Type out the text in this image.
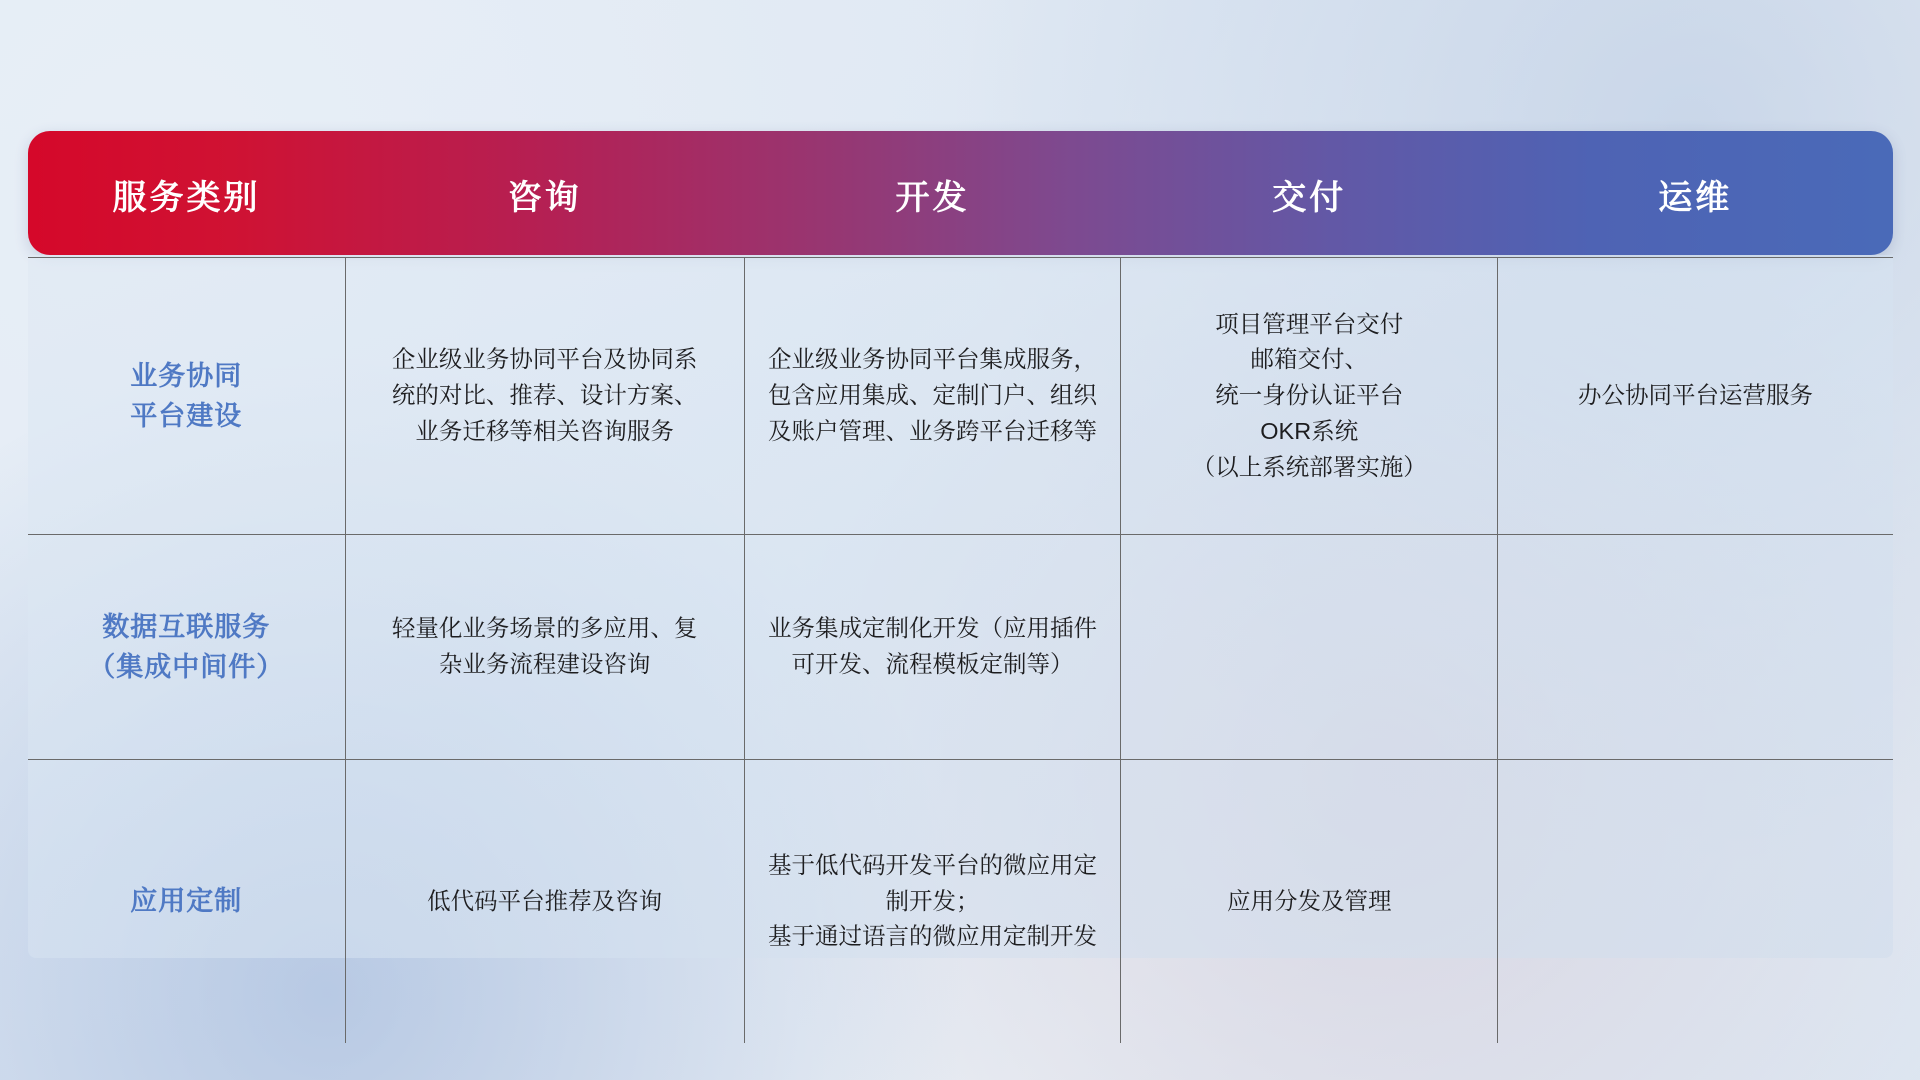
服务类别	咨询	开发	交付	运维

业务协同
平台建设	企业级业务协同平台及协同系
统的对比、推荐、设计方案、
业务迁移等相关咨询服务	企业级业务协同平台集成服务，
包含应用集成、定制门户、组织
及账户管理、业务跨平台迁移等	项目管理平台交付
邮箱交付、
统一身份认证平台
OKR系统
（以上系统部署实施）	办公协同平台运营服务

数据互联服务
（集成中间件）	轻量化业务场景的多应用、复
杂业务流程建设咨询	业务集成定制化开发（应用插件
可开发、流程模板定制等）		

应用定制	低代码平台推荐及咨询	基于低代码开发平台的微应用定
制开发；
基于通过语言的微应用定制开发	应用分发及管理	
